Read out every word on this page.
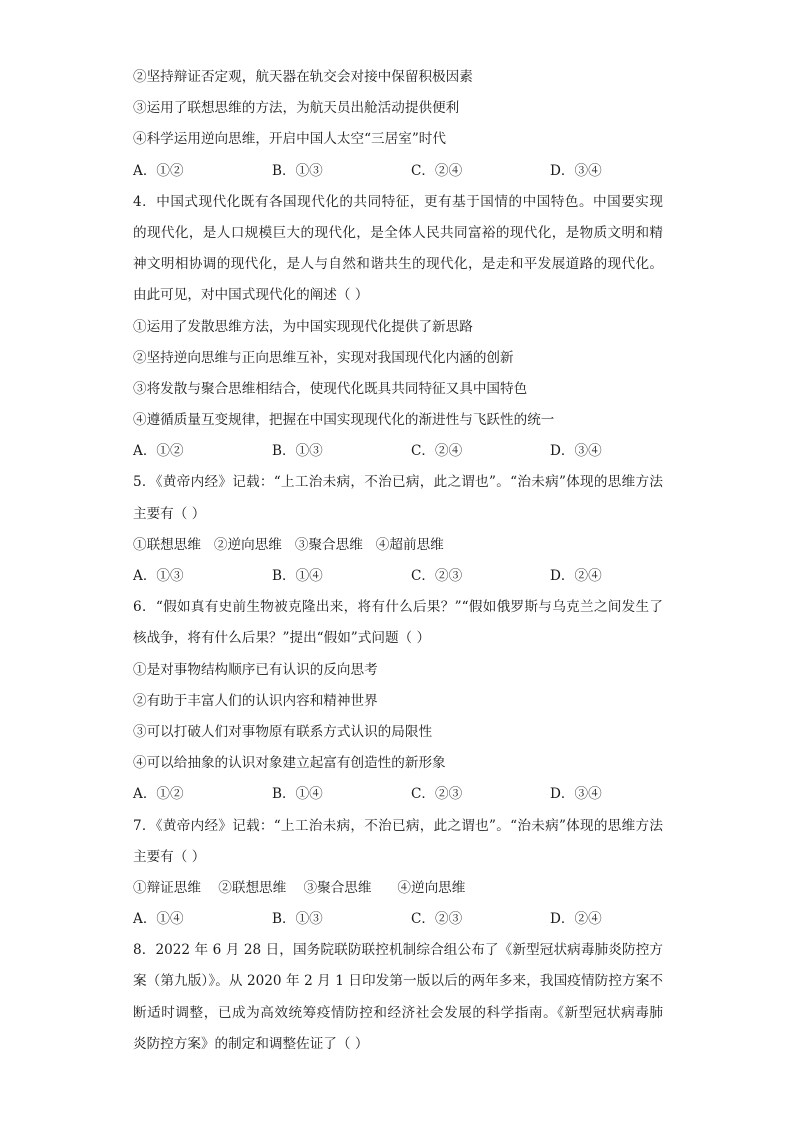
②坚持辩证否定观，航天器在轨交会对接中保留积极因素
③运用了联想思维的方法，为航天员出舱活动提供便利
④科学运用逆向思维，开启中国人太空“三居室”时代
A．①②	B．①③	C．②④	D．③④
4．中国式现代化既有各国现代化的共同特征，更有基于国情的中国特色。中国要实现
的现代化，是人口规模巨大的现代化，是全体人民共同富裕的现代化，是物质文明和精
神文明相协调的现代化，是人与自然和谐共生的现代化，是走和平发展道路的现代化。
由此可见，对中国式现代化的阐述（ ）
①运用了发散思维方法，为中国实现现代化提供了新思路
②坚持逆向思维与正向思维互补，实现对我国现代化内涵的创新
③将发散与聚合思维相结合，使现代化既具共同特征又具中国特色
④遵循质量互变规律，把握在中国实现现代化的渐进性与飞跃性的统一
A．①②	B．①③	C．②④	D．③④
5．《黄帝内经》记载：“上工治未病，不治已病，此之谓也”。“治未病”体现的思维方法
主要有（ ）
①联想思维   ②逆向思维   ③聚合思维   ④超前思维
A．①③	B．①④	C．②③	D．②④
6．“假如真有史前生物被克隆出来，将有什么后果？”“假如俄罗斯与乌克兰之间发生了
核战争，将有什么后果？”提出“假如”式问题（ ）
①是对事物结构顺序已有认识的反向思考
②有助于丰富人们的认识内容和精神世界
③可以打破人们对事物原有联系方式认识的局限性
④可以给抽象的认识对象建立起富有创造性的新形象
A．①②	B．①④	C．②③	D．③④
7．《黄帝内经》记载：“上工治未病，不治已病，此之谓也”。“治未病”体现的思维方法
主要有（ ）
①辩证思维    ②联想思维    ③聚合思维      ④逆向思维
A．①④	B．①③	C．②③	D．②④
8．2022 年 6 月 28 日，国务院联防联控机制综合组公布了《新型冠状病毒肺炎防控方
案（第九版）》。从 2020 年 2 月 1 日印发第一版以后的两年多来，我国疫情防控方案不
断适时调整，已成为高效统筹疫情防控和经济社会发展的科学指南。《新型冠状病毒肺
炎防控方案》的制定和调整佐证了（ ）
